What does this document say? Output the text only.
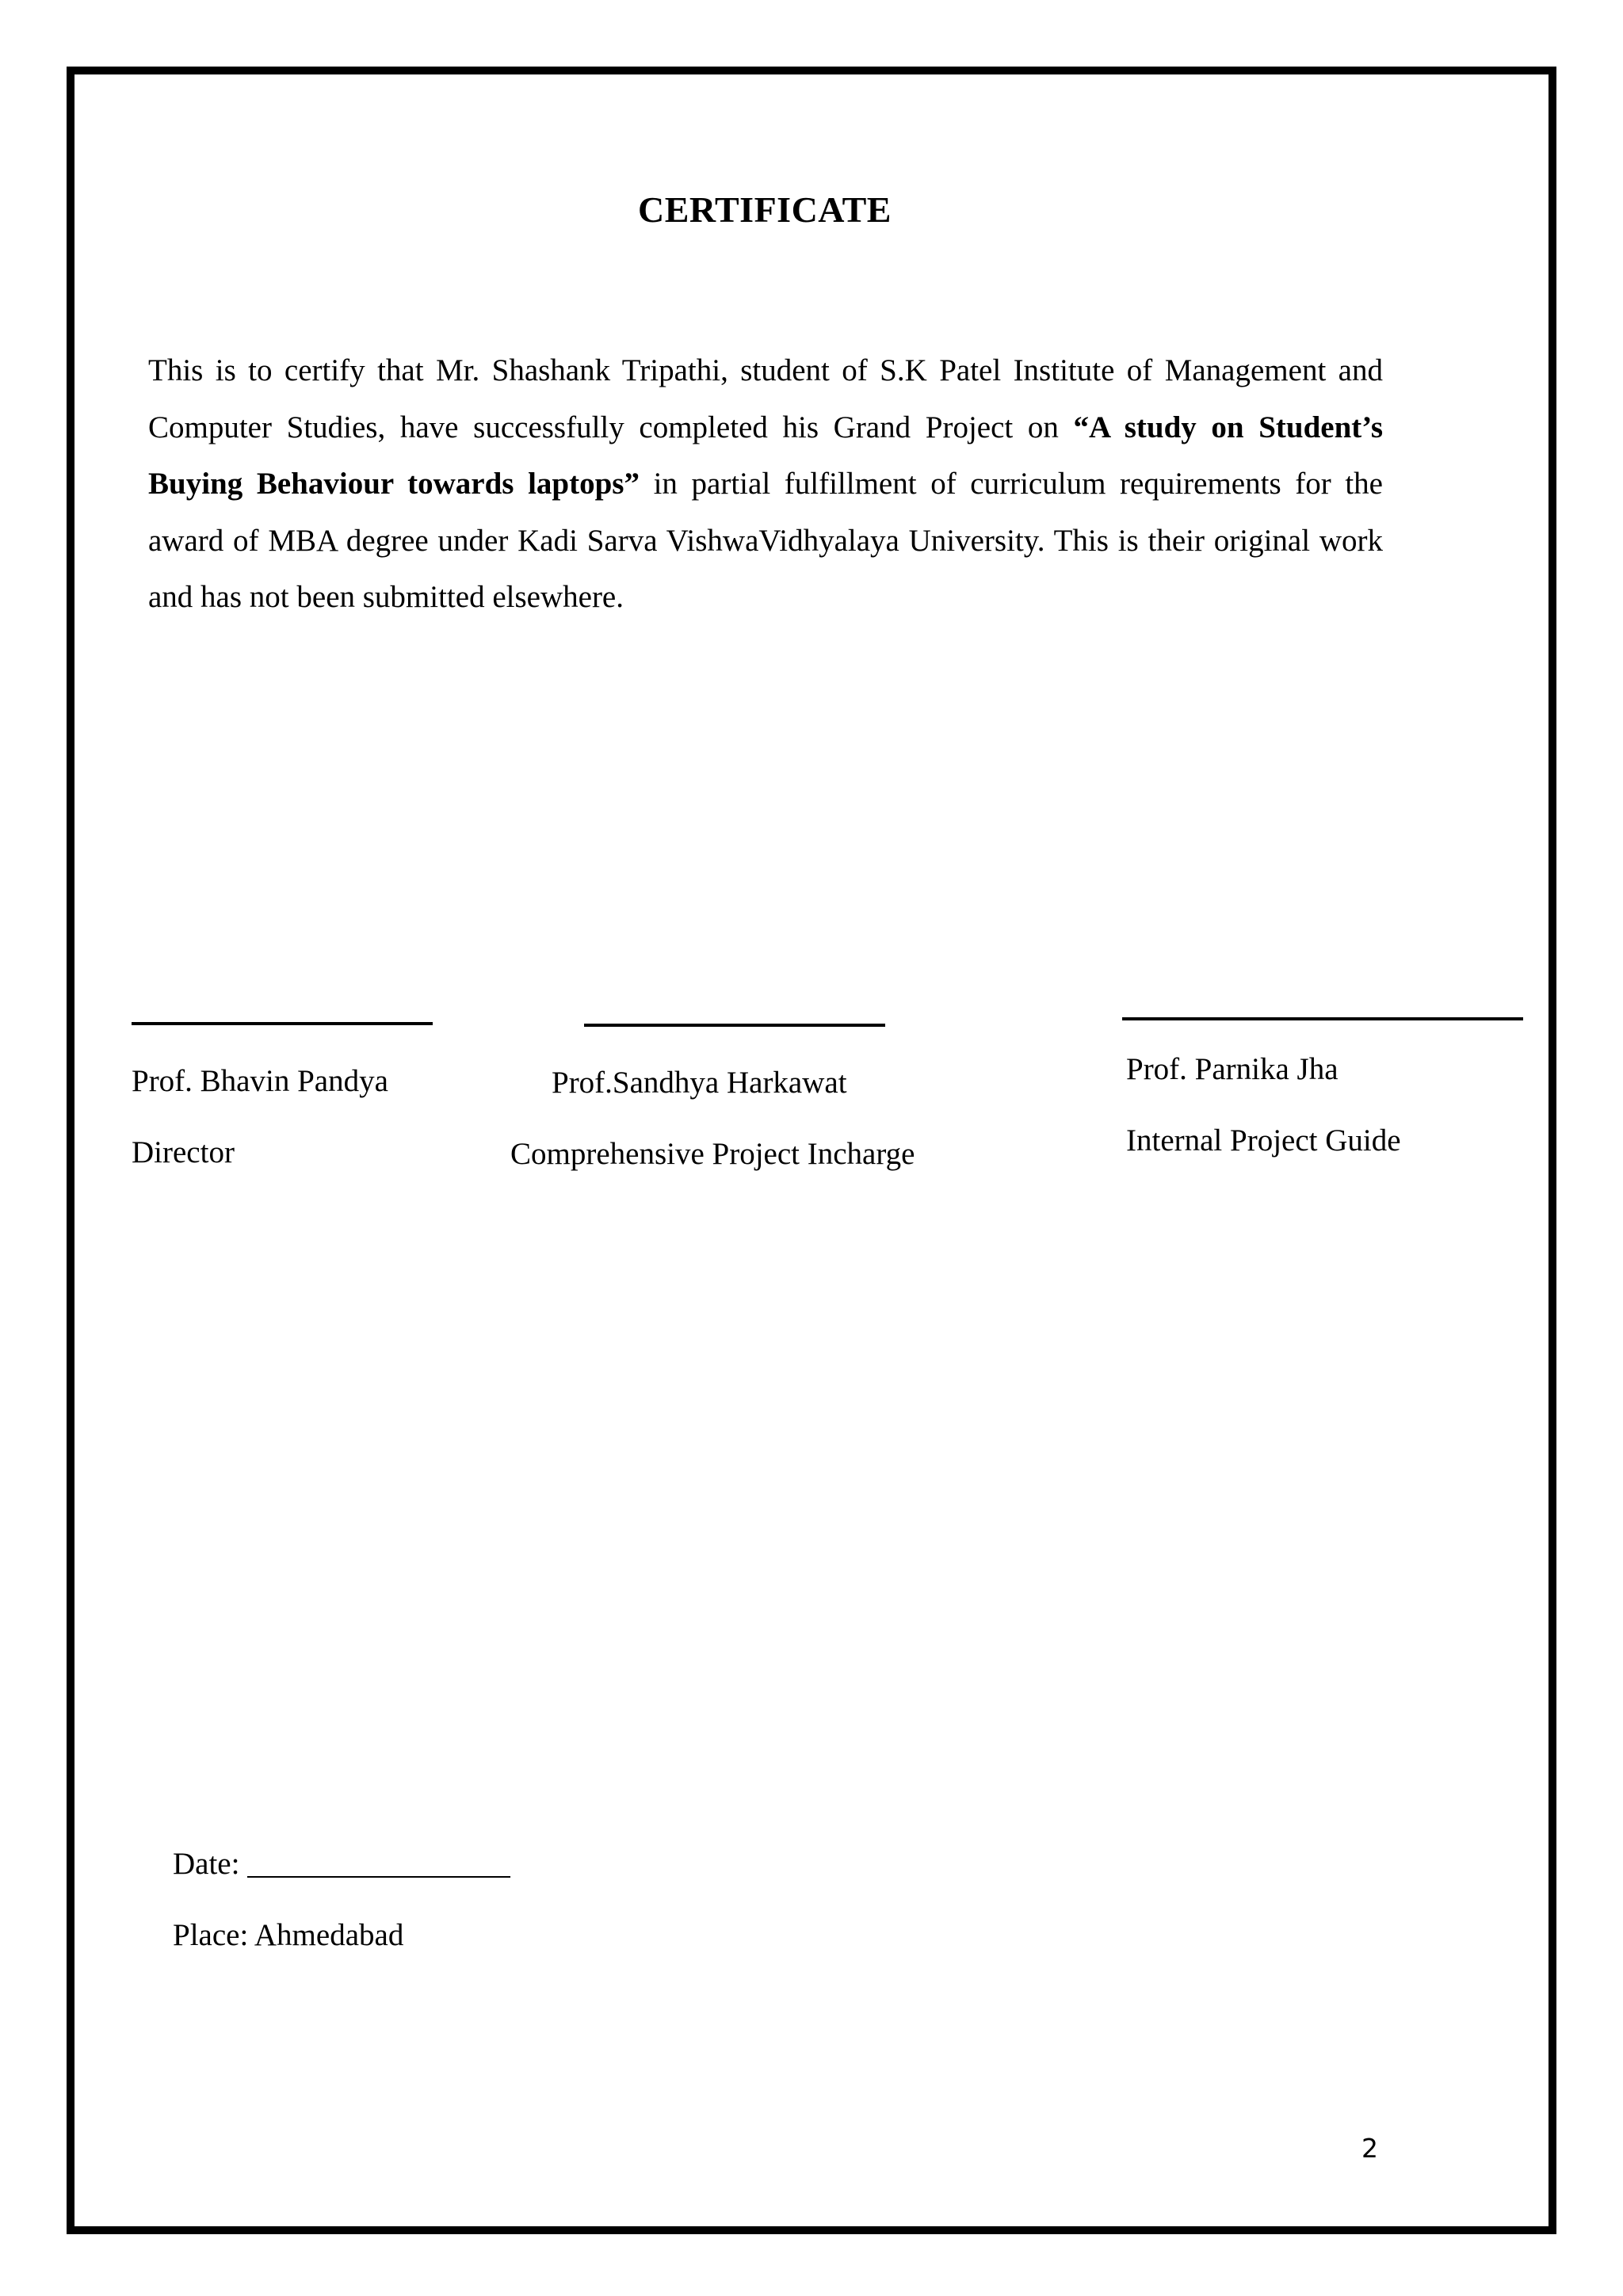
CERTIFICATE
This is to certify that Mr. Shashank Tripathi, student of S.K Patel Institute of Management and Computer Studies, have successfully completed his Grand Project on “A study on Student’s Buying Behaviour towards laptops” in partial fulfillment of curriculum requirements for the award of MBA degree under Kadi Sarva VishwaVidhyalaya University. This is their original work and has not been submitted elsewhere.
Prof. Bhavin Pandya
Director
Prof.Sandhya Harkawat
Comprehensive Project Incharge
Prof. Parnika Jha
Internal Project Guide
Date: _________________
Place: Ahmedabad
2
